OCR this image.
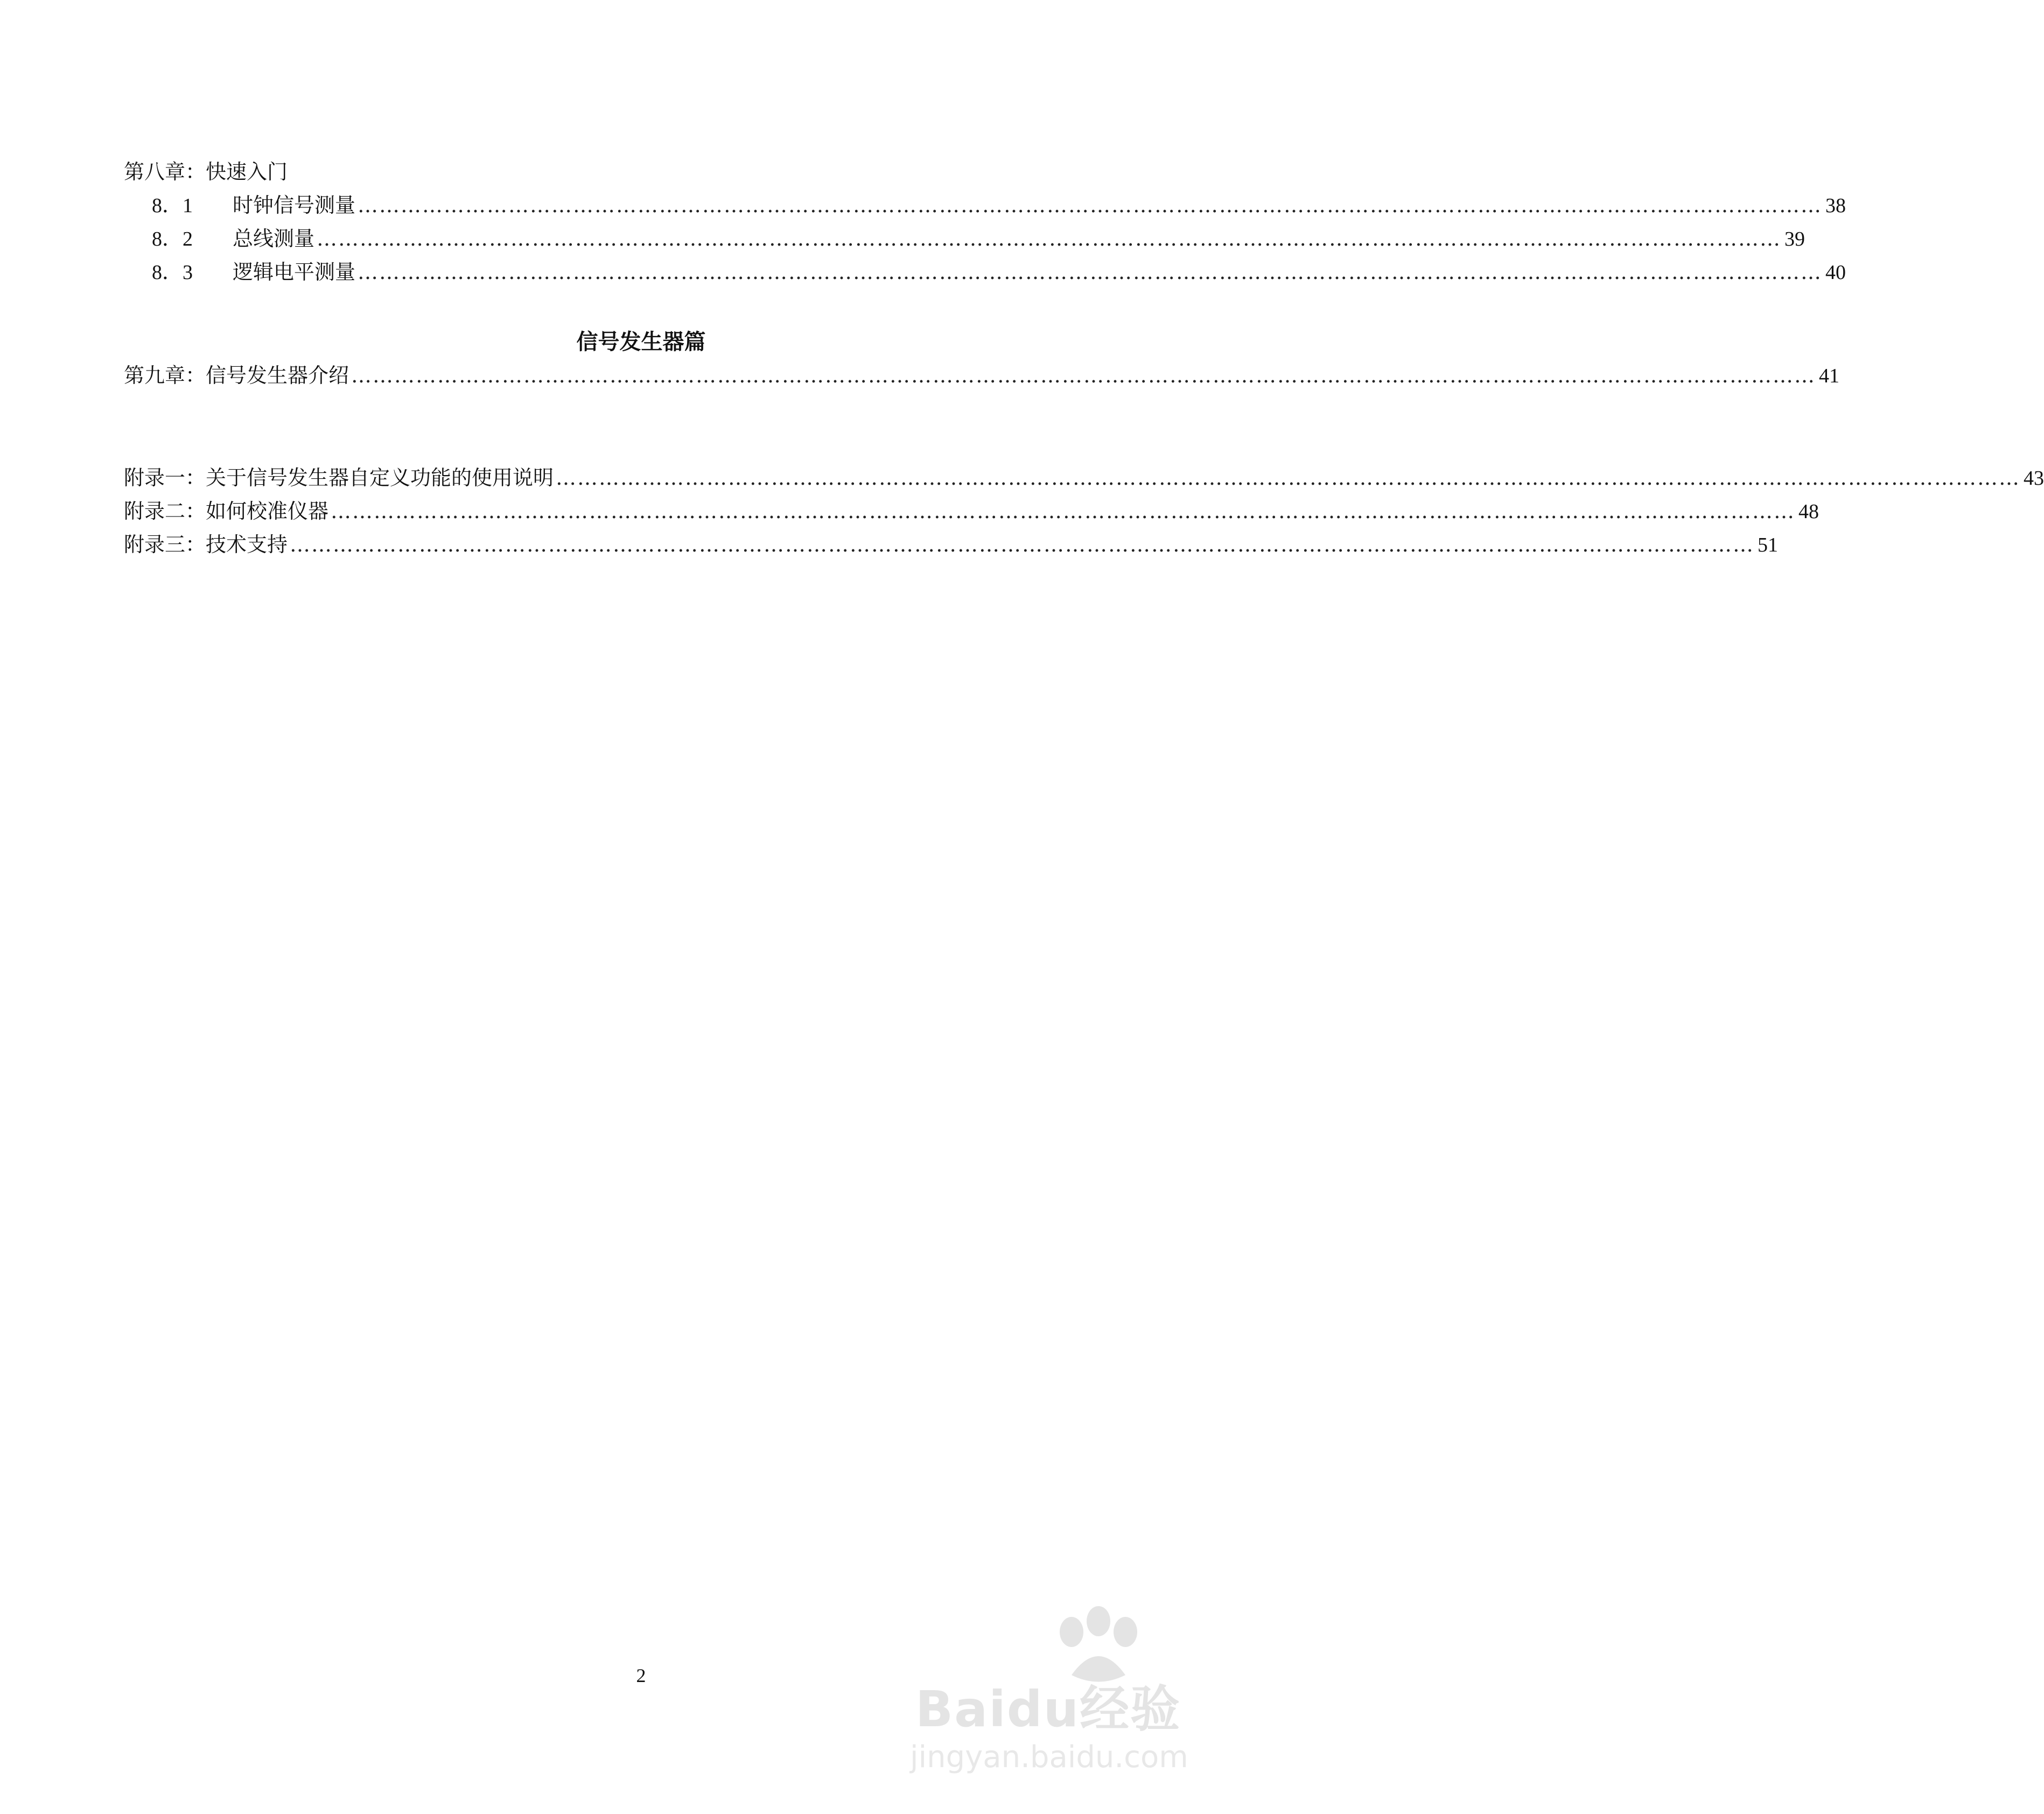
第八章：快速入门
8．1 时钟信号测量 …………………………………………………………………………………………………………………………………………………………………………………… 38
8．2 总线测量 …………………………………………………………………………………………………………………………………………………………………………………… 39
8．3 逻辑电平测量 …………………………………………………………………………………………………………………………………………………………………………………… 40
信号发生器篇
第九章：信号发生器介绍 …………………………………………………………………………………………………………………………………………………………………………………… 41
附录一：关于信号发生器自定义功能的使用说明 …………………………………………………………………………………………………………………………………………………………………………………… 43
附录二：如何校准仪器 …………………………………………………………………………………………………………………………………………………………………………………… 48
附录三：技术支持 …………………………………………………………………………………………………………………………………………………………………………………… 51
2
Baidu经验
jingyan.baidu.com
